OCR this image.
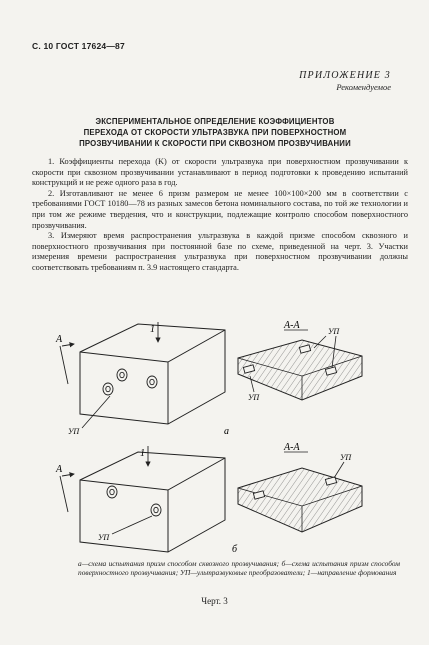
С. 10 ГОСТ 17624—87
ПРИЛОЖЕНИЕ 3
Рекомендуемое
ЭКСПЕРИМЕНТАЛЬНОЕ ОПРЕДЕЛЕНИЕ КОЭФФИЦИЕНТОВ
ПЕРЕХОДА ОТ СКОРОСТИ УЛЬТРАЗВУКА ПРИ ПОВЕРХНОСТНОМ
ПРОЗВУЧИВАНИИ К СКОРОСТИ ПРИ СКВОЗНОМ ПРОЗВУЧИВАНИИ

1. Коэффициенты перехода (K) от скорости ультразвука при поверхностном прозвучивании к скорости при сквозном прозвучивании устанавливают в период подготовки к проведению испытаний конструкций и не реже одного раза в год.

2. Изготавливают не менее 6 призм размером не менее 100×100×200 мм в соответствии с требованиями ГОСТ 10180—78 из разных замесов бетона номинального состава, по той же технологии и при том же режиме твердения, что и конструкции, подлежащие контролю способом поверхностного прозвучивания.

3. Измеряют время распространения ультразвука в каждой призме способом сквозного и поверхностного прозвучивания при постоянной базе по схеме, приведенной на черт. 3. Участки измерения времени распространения ультразвука при поверхностном прозвучивании должны соответствовать требованиям п. 3.9 настоящего стандарта.

А
1
УП	а
А-А
УП
УП
А
1
УП
б
А-А
УП
а—схема испытания призм способом сквозного прозвучивания; б—схема испытания призм способом поверхностного прозвучивания; УП—ультразвуковые преобразователи; 1—направление формования
Черт. 3
